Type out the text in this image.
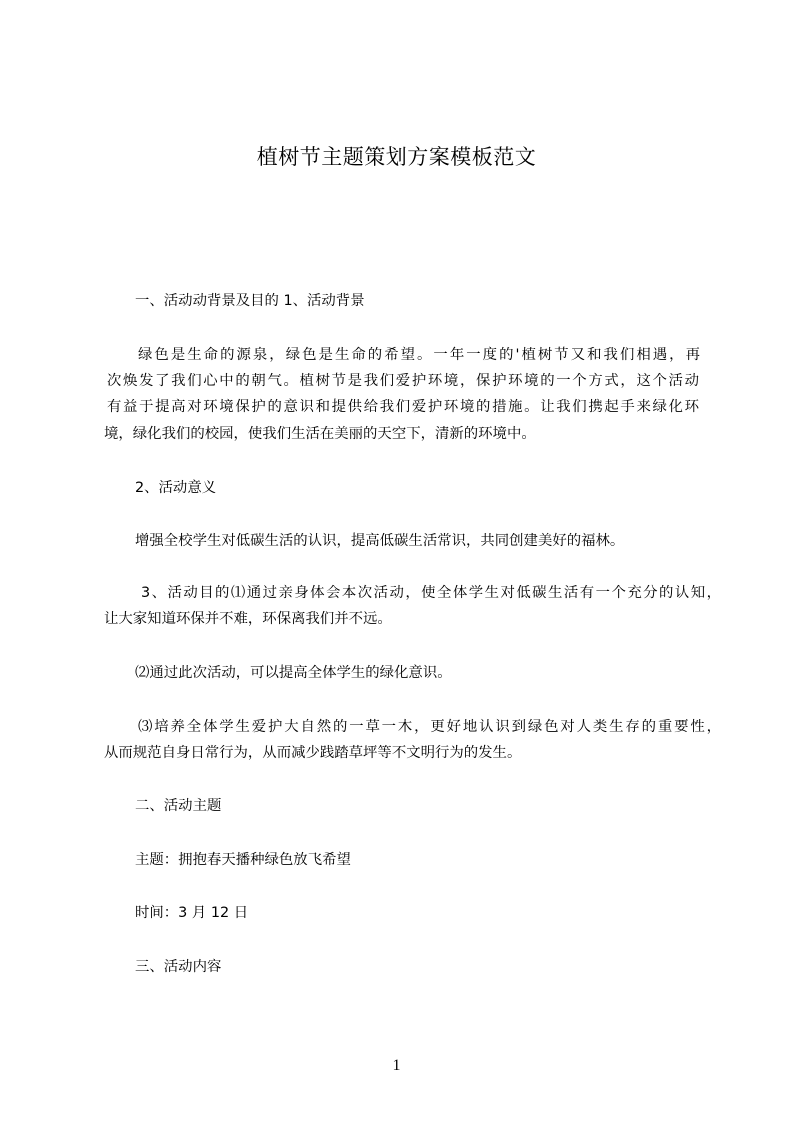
植树节主题策划方案模板范文
一、活动动背景及目的 1、活动背景
绿色是生命的源泉，绿色是生命的希望。一年一度的'植树节又和我们相遇，再
次焕发了我们心中的朝气。植树节是我们爱护环境，保护环境的一个方式，这个活动
有益于提高对环境保护的意识和提供给我们爱护环境的措施。让我们携起手来绿化环
境，绿化我们的校园，使我们生活在美丽的天空下，清新的环境中。
2、活动意义
增强全校学生对低碳生活的认识，提高低碳生活常识，共同创建美好的福林。
3、活动目的⑴通过亲身体会本次活动，使全体学生对低碳生活有一个充分的认知，
让大家知道环保并不难，环保离我们并不远。
⑵通过此次活动，可以提高全体学生的绿化意识。
⑶培养全体学生爱护大自然的一草一木，更好地认识到绿色对人类生存的重要性，
从而规范自身日常行为，从而减少践踏草坪等不文明行为的发生。
二、活动主题
主题：拥抱春天播种绿色放飞希望
时间：3 月 12 日
三、活动内容
1
